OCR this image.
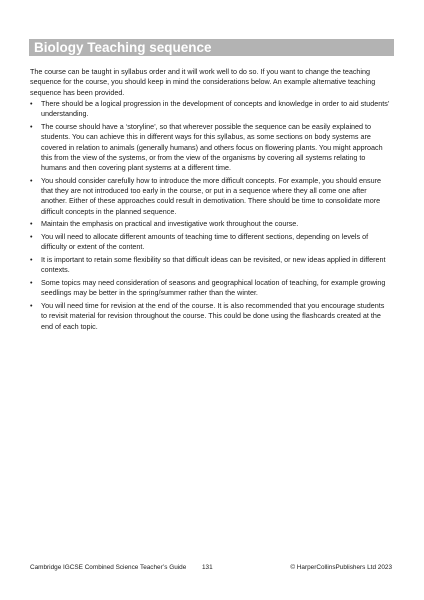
Biology Teaching sequence

The course can be taught in syllabus order and it will work well to do so. If you want to change the teaching sequence for the course, you should keep in mind the considerations below. An example alternative teaching sequence has been provided.

• There should be a logical progression in the development of concepts and knowledge in order to aid students’ understanding.
• The course should have a ‘storyline’, so that wherever possible the sequence can be easily explained to students. You can achieve this in different ways for this syllabus, as some sections on body systems are covered in relation to animals (generally humans) and others focus on flowering plants. You might approach this from the view of the systems, or from the view of the organisms by covering all systems relating to humans and then covering plant systems at a different time.
• You should consider carefully how to introduce the more difficult concepts. For example, you should ensure that they are not introduced too early in the course, or put in a sequence where they all come one after another. Either of these approaches could result in demotivation. There should be time to consolidate more difficult concepts in the planned sequence.
• Maintain the emphasis on practical and investigative work throughout the course.
• You will need to allocate different amounts of teaching time to different sections, depending on levels of difficulty or extent of the content.
• It is important to retain some flexibility so that difficult ideas can be revisited, or new ideas applied in different contexts.
• Some topics may need consideration of seasons and geographical location of teaching, for example growing seedlings may be better in the spring/summer rather than the winter.
• You will need time for revision at the end of the course. It is also recommended that you encourage students to revisit material for revision throughout the course. This could be done using the flashcards created at the end of each topic.
Cambridge IGCSE Combined Science Teacher’s Guide 131	© HarperCollinsPublishers Ltd 2023
